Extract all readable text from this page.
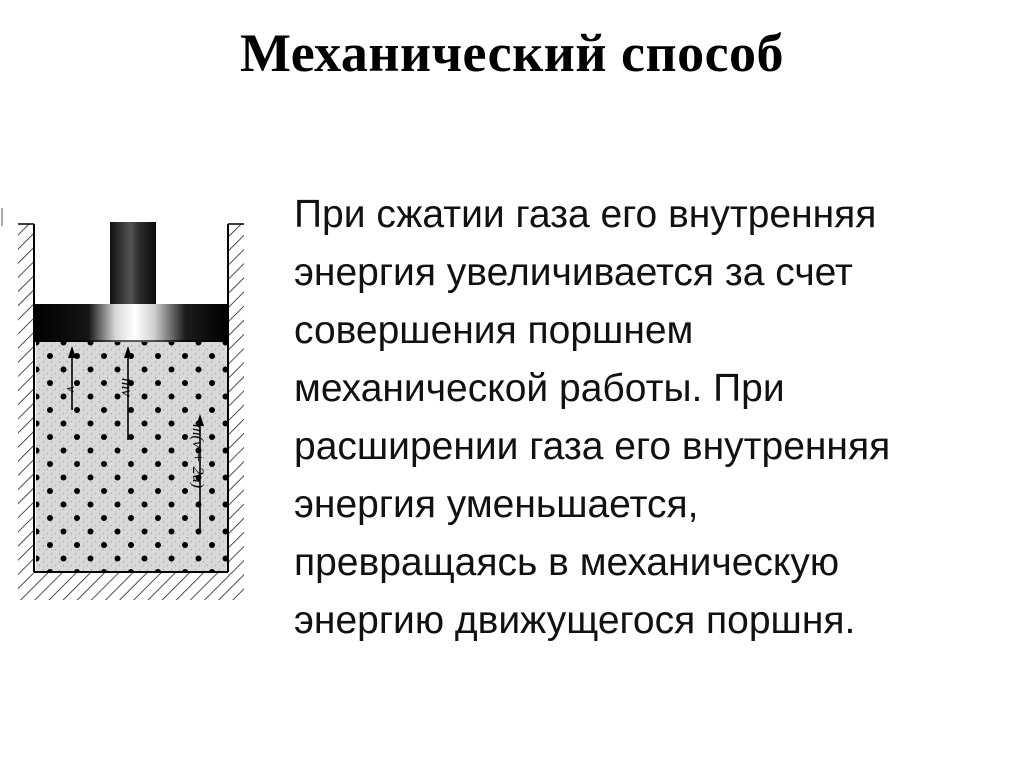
Механический способ
v	mv
m(v + 2u)
При сжатии газа его внутренняя
энергия увеличивается за счет
совершения поршнем
механической работы. При
расширении газа его внутренняя
энергия уменьшается,
превращаясь в механическую
энергию движущегося поршня.
